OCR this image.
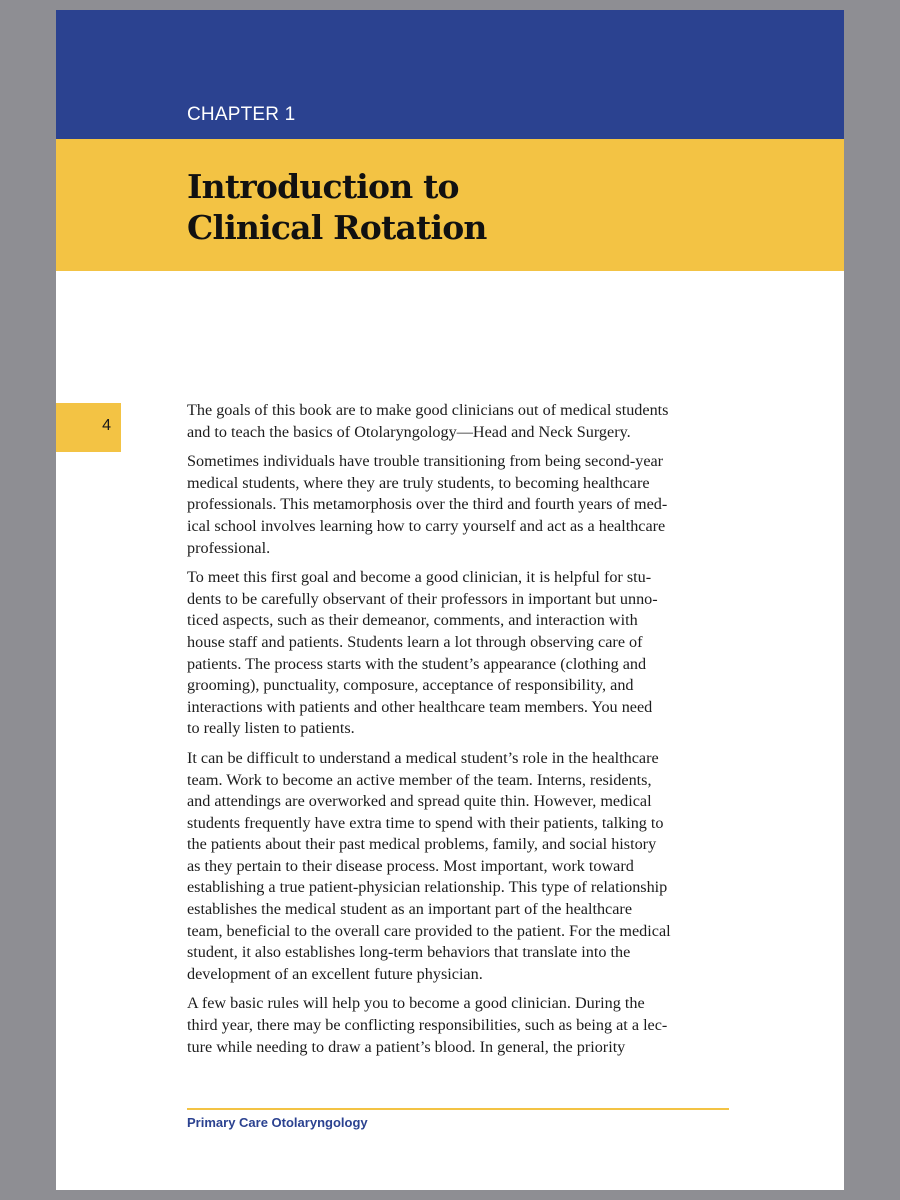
CHAPTER 1

Introduction to
Clinical Rotation
4

The goals of this book are to make good clinicians out of medical students
and to teach the basics of Otolaryngology—Head and Neck Surgery.

Sometimes individuals have trouble transitioning from being second-year
medical students, where they are truly students, to becoming healthcare
professionals. This metamorphosis over the third and fourth years of med-
ical school involves learning how to carry yourself and act as a healthcare
professional.

To meet this first goal and become a good clinician, it is helpful for stu-
dents to be carefully observant of their professors in important but unno-
ticed aspects, such as their demeanor, comments, and interaction with
house staff and patients. Students learn a lot through observing care of
patients. The process starts with the student’s appearance (clothing and
grooming), punctuality, composure, acceptance of responsibility, and
interactions with patients and other healthcare team members. You need
to really listen to patients.

It can be difficult to understand a medical student’s role in the healthcare
team. Work to become an active member of the team. Interns, residents,
and attendings are overworked and spread quite thin. However, medical
students frequently have extra time to spend with their patients, talking to
the patients about their past medical problems, family, and social history
as they pertain to their disease process. Most important, work toward
establishing a true patient-physician relationship. This type of relationship
establishes the medical student as an important part of the healthcare
team, beneficial to the overall care provided to the patient. For the medical
student, it also establishes long-term behaviors that translate into the
development of an excellent future physician.

A few basic rules will help you to become a good clinician. During the
third year, there may be conflicting responsibilities, such as being at a lec-
ture while needing to draw a patient’s blood. In general, the priority

Primary Care Otolaryngology
